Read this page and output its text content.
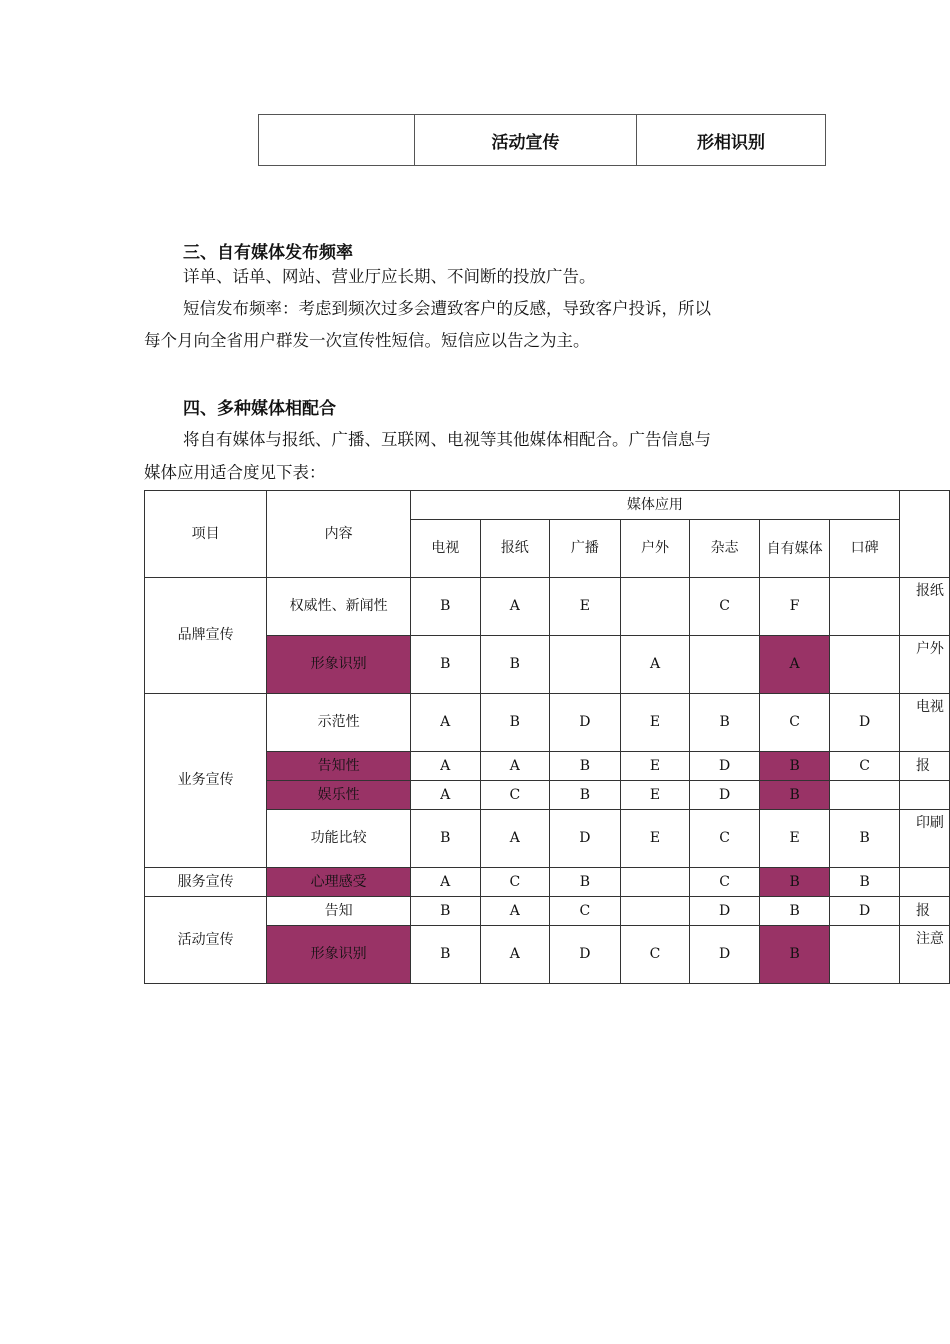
	活动宣传	形相识别
三、自有媒体发布频率

详单、话单、网站、营业厅应长期、不间断的投放广告。

短信发布频率：考虑到频次过多会遭致客户的反感，导致客户投诉，所以

每个月向全省用户群发一次宣传性短信。短信应以告之为主。

四、多种媒体相配合

将自有媒体与报纸、广播、互联网、电视等其他媒体相配合。广告信息与

媒体应用适合度见下表：

项目	内容	媒体应用							
		电视	报纸	广播	户外	杂志	自有媒体	口碑	
品牌宣传	权威性、新闻性	B	A	E		C	F		报纸
	形象识别	B	B		A		A		户外
业务宣传	示范性	A	B	D	E	B	C	D	电视
	告知性	A	A	B	E	D	B	C	报
	娱乐性	A	C	B	E	D	B		
	功能比较	B	A	D	E	C	E	B	印刷
服务宣传	心理感受	A	C	B		C	B	B	
活动宣传	告知	B	A	C		D	B	D	报
	形象识别	B	A	D	C	D	B		注意
